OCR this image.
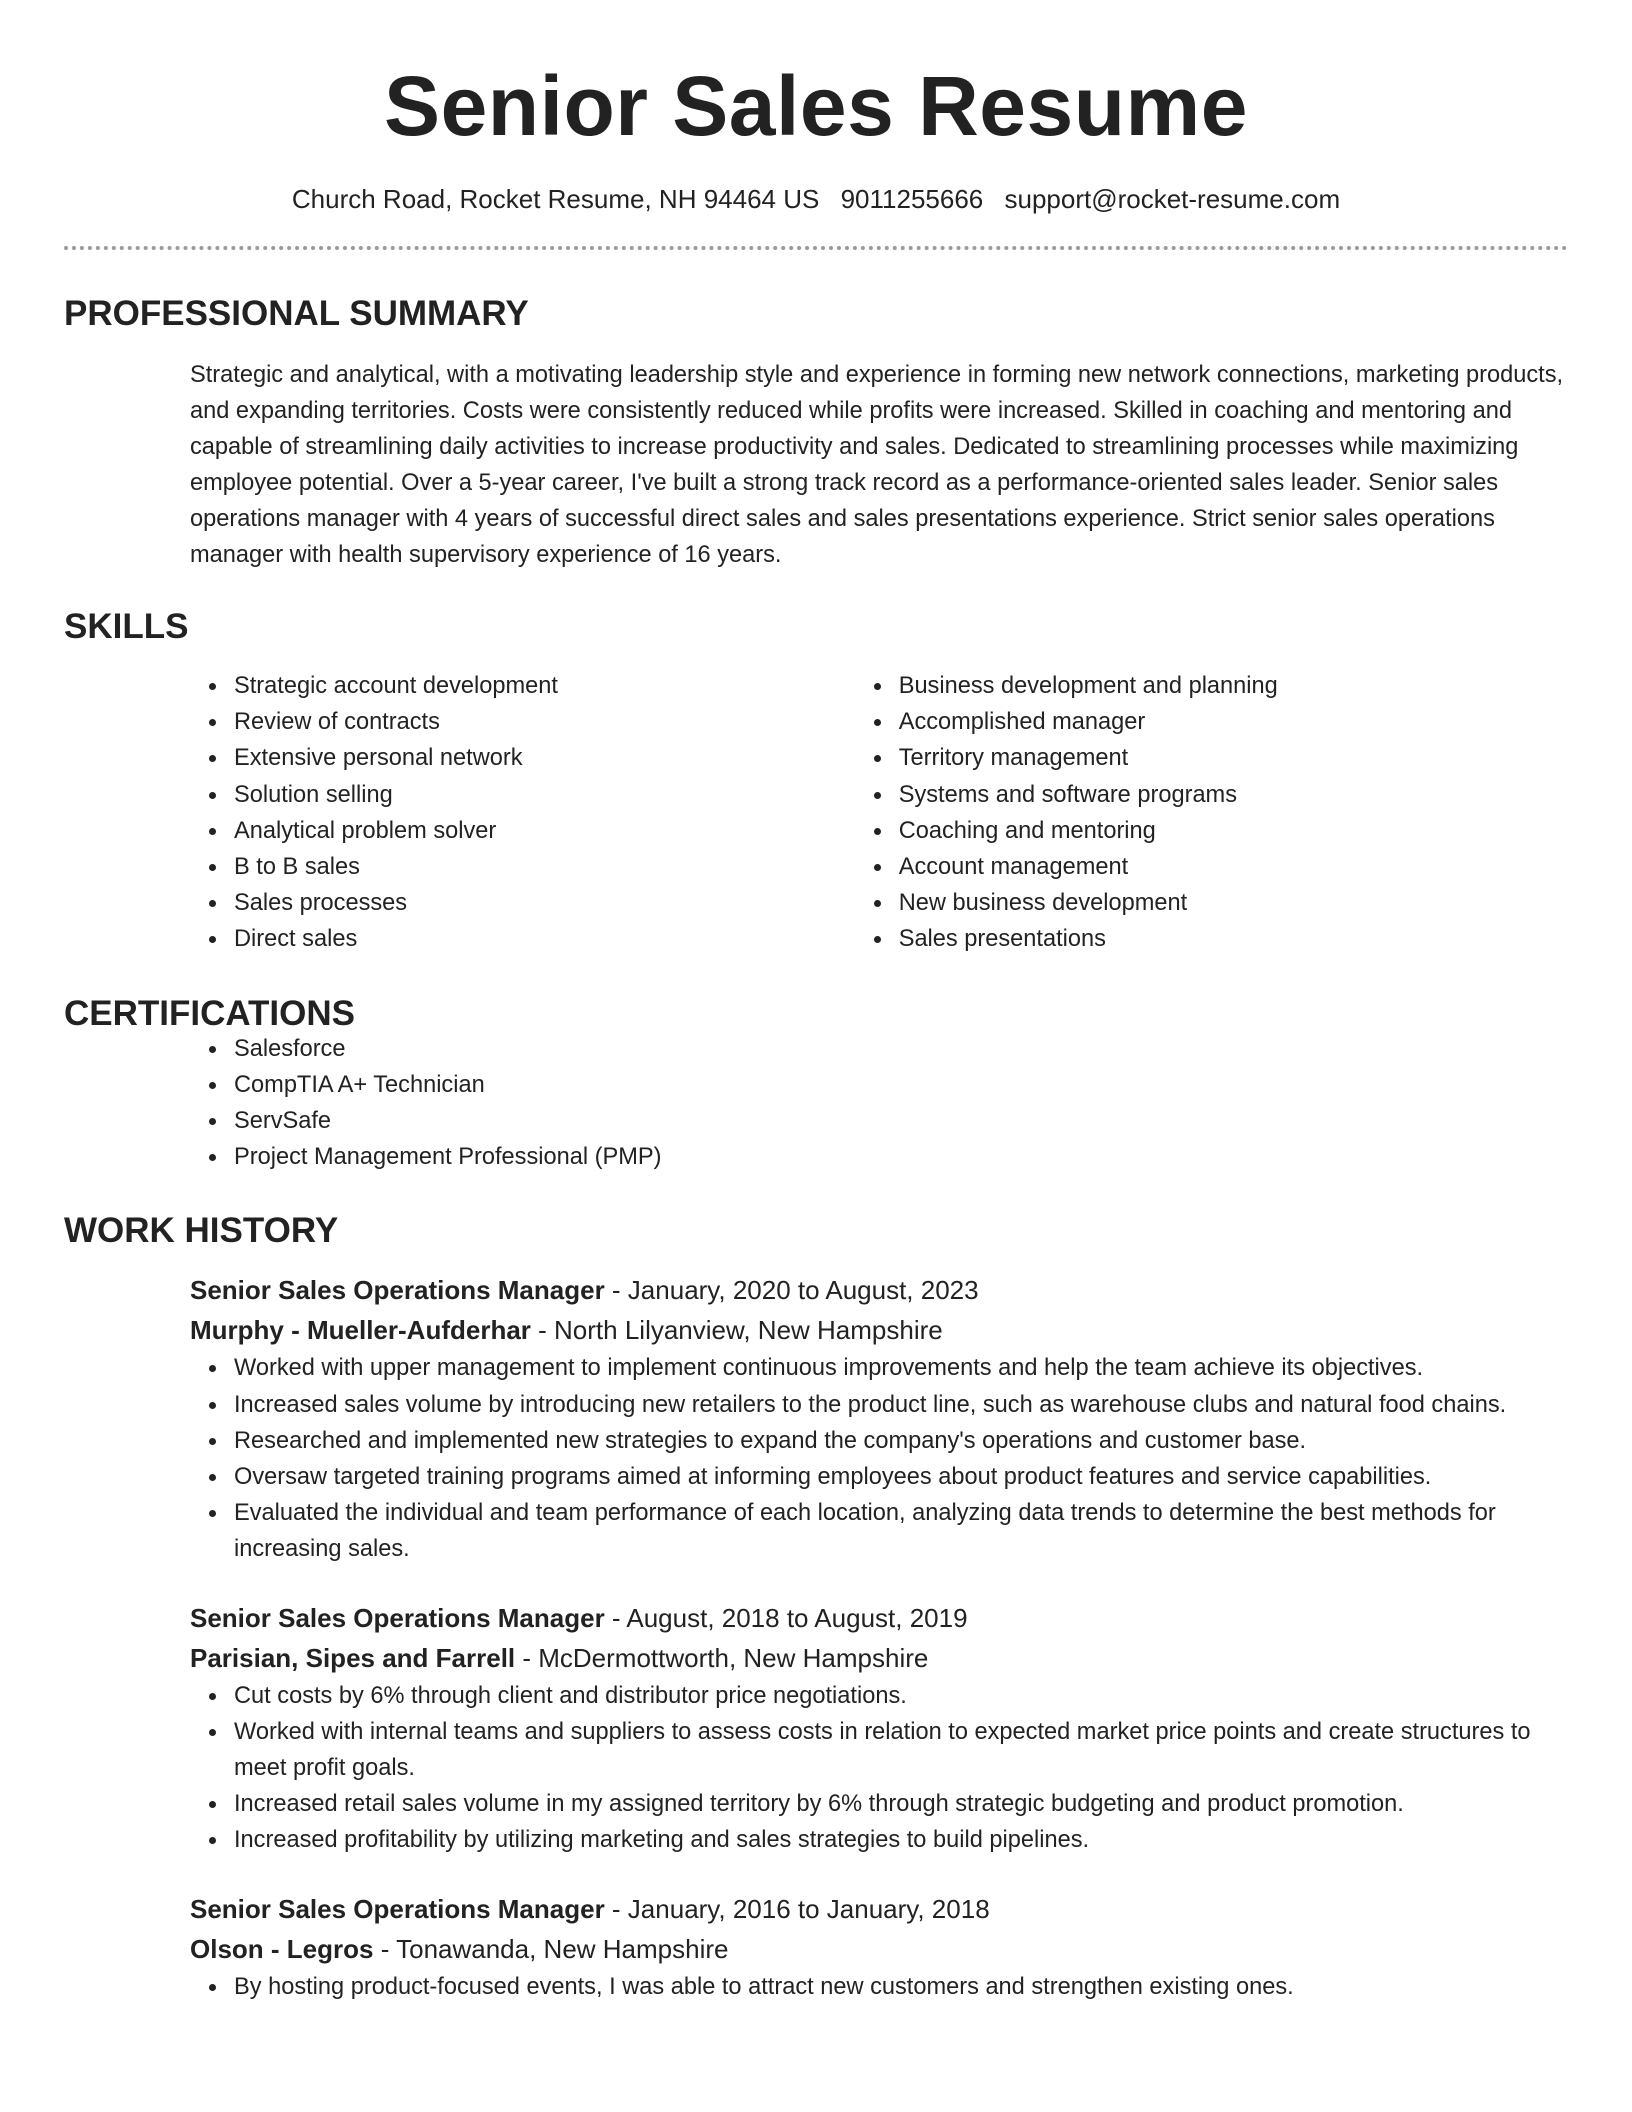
Senior Sales Resume
Church Road, Rocket Resume, NH 94464 US 9011255666 support@rocket-resume.com
PROFESSIONAL SUMMARY

Strategic and analytical, with a motivating leadership style and experience in forming new network connections, marketing products, and expanding territories. Costs were consistently reduced while profits were increased. Skilled in coaching and mentoring and capable of streamlining daily activities to increase productivity and sales. Dedicated to streamlining processes while maximizing employee potential. Over a 5-year career, I've built a strong track record as a performance-oriented sales leader. Senior sales operations manager with 4 years of successful direct sales and sales presentations experience. Strict senior sales operations manager with health supervisory experience of 16 years.

SKILLS
Strategic account development
Review of contracts
Extensive personal network
Solution selling
Analytical problem solver
B to B sales
Sales processes
Direct sales
Business development and planning
Accomplished manager
Territory management
Systems and software programs
Coaching and mentoring
Account management
New business development
Sales presentations
CERTIFICATIONS
Salesforce
CompTIA A+ Technician
ServSafe
Project Management Professional (PMP)
WORK HISTORY
Senior Sales Operations Manager - January, 2020 to August, 2023
Murphy - Mueller-Aufderhar - North Lilyanview, New Hampshire
Worked with upper management to implement continuous improvements and help the team achieve its objectives.
Increased sales volume by introducing new retailers to the product line, such as warehouse clubs and natural food chains.
Researched and implemented new strategies to expand the company's operations and customer base.
Oversaw targeted training programs aimed at informing employees about product features and service capabilities.
Evaluated the individual and team performance of each location, analyzing data trends to determine the best methods for increasing sales.
Senior Sales Operations Manager - August, 2018 to August, 2019
Parisian, Sipes and Farrell - McDermottworth, New Hampshire
Cut costs by 6% through client and distributor price negotiations.
Worked with internal teams and suppliers to assess costs in relation to expected market price points and create structures to meet profit goals.
Increased retail sales volume in my assigned territory by 6% through strategic budgeting and product promotion.
Increased profitability by utilizing marketing and sales strategies to build pipelines.
Senior Sales Operations Manager - January, 2016 to January, 2018
Olson - Legros - Tonawanda, New Hampshire
By hosting product-focused events, I was able to attract new customers and strengthen existing ones.
